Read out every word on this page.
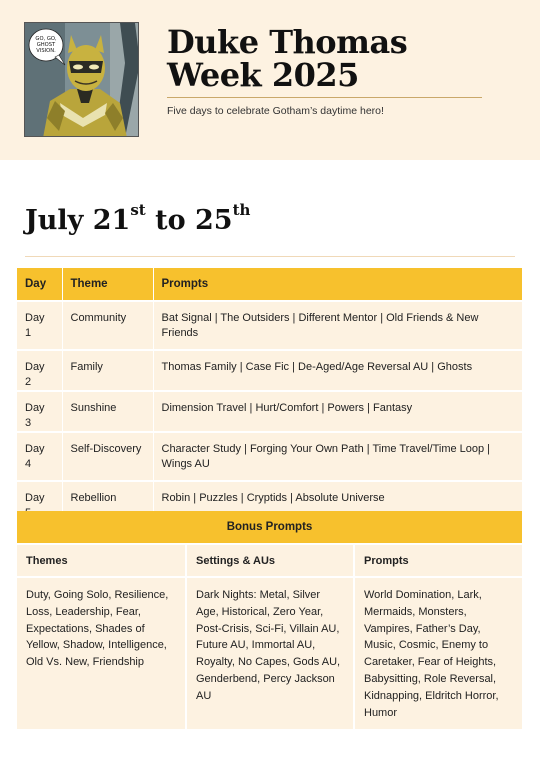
GO, GO,
GHOST
VISION.	Duke Thomas
Week 2025
Five days to celebrate Gotham’s daytime hero!
July 21st to 25th
Day	Theme	Prompts
Day 1	Community	Bat Signal | The Outsiders | Different Mentor | Old Friends & New Friends
Day 2	Family	Thomas Family | Case Fic | De-Aged/Age Reversal AU | Ghosts
Day 3	Sunshine	Dimension Travel | Hurt/Comfort | Powers | Fantasy
Day 4	Self-Discovery	Character Study | Forging Your Own Path | Time Travel/Time Loop | Wings AU
Day	Rebellion	Robin | Puzzles | Cryptids | Absolute Universe
Bonus Prompts
Themes	Settings & AUs	Prompts
Duty, Going Solo, Resilience, Loss, Leadership, Fear, Expectations, Shades of Yellow, Shadow, Intelligence, Old Vs. New, Friendship	Dark Nights: Metal, Silver Age, Historical, Zero Year, Post-Crisis, Sci-Fi, Villain AU, Future AU, Immortal AU, Royalty, No Capes, Gods AU, Genderbend, Percy Jackson AU	World Domination, Lark, Mermaids, Monsters, Vampires, Father’s Day, Music, Cosmic, Enemy to Caretaker, Fear of Heights, Babysitting, Role Reversal, Kidnapping, Eldritch Horror, Humor
